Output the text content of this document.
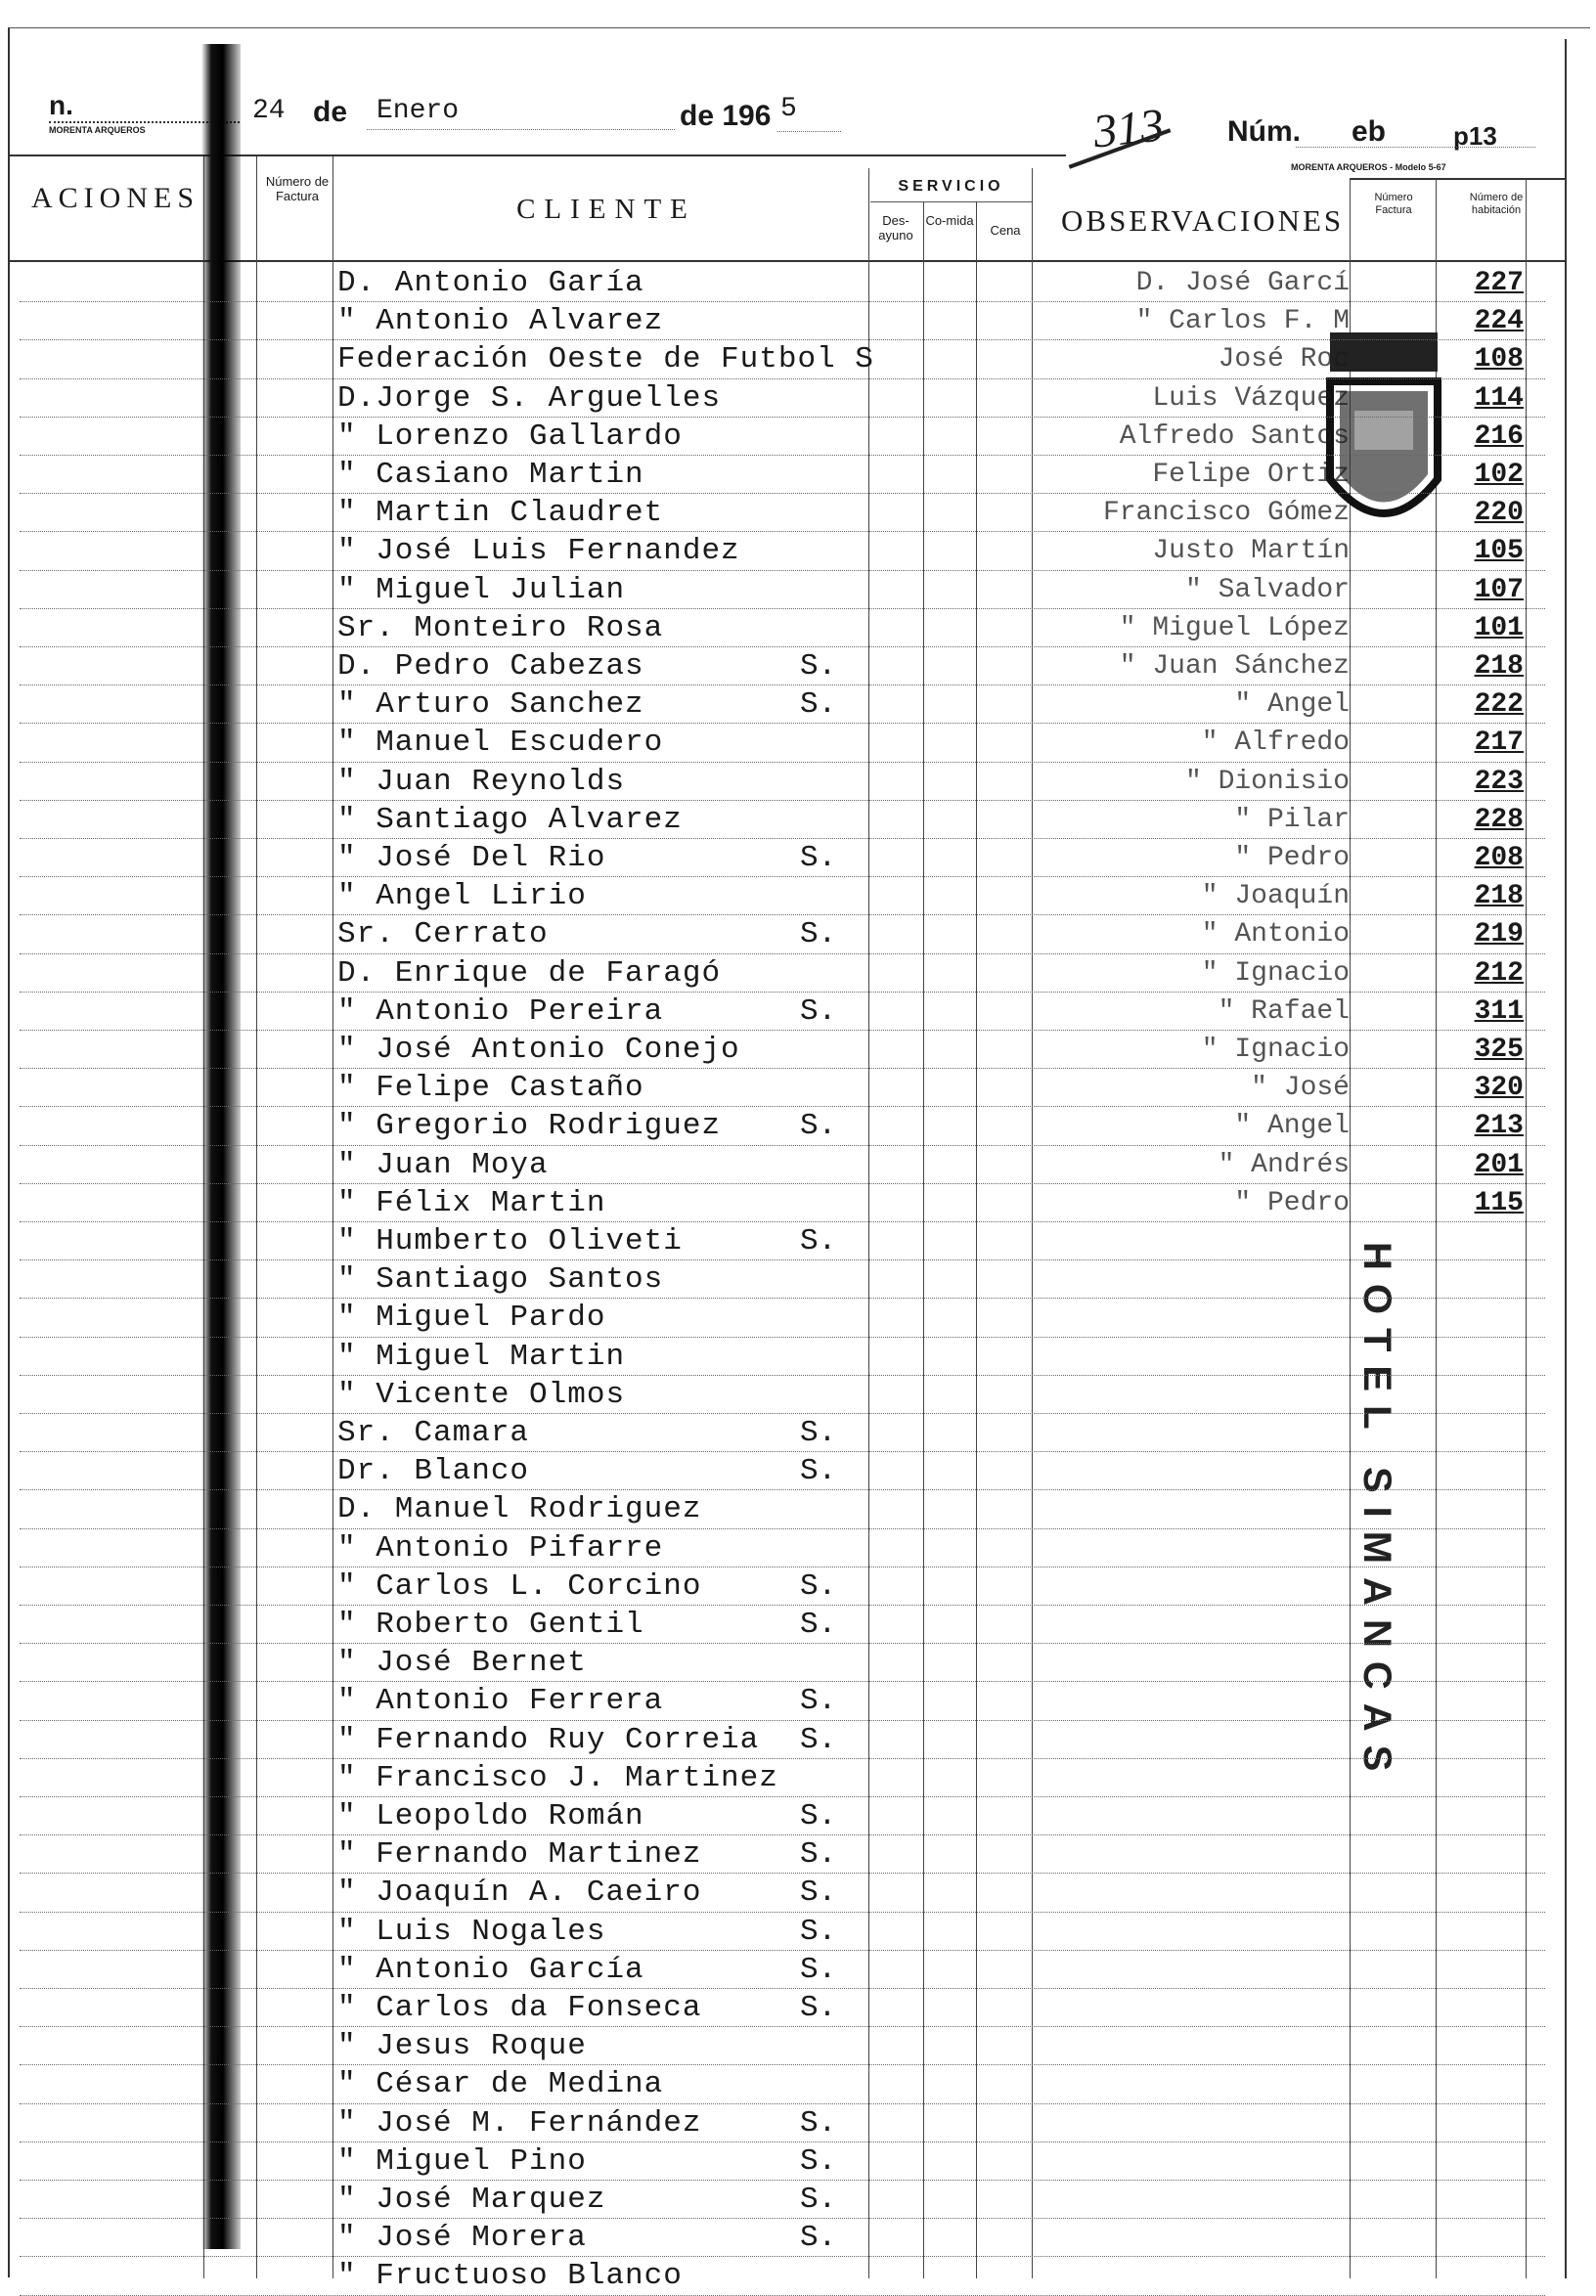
n.
MORENTA ARQUEROS
24 de Enero	de 196 5	313 Núm. eb	p13
MORENTA ARQUEROS - Modelo 5-67
ACIONES
Número de Factura	CLIENTE
SERVICIO
Des-ayuno
Co-mida
Cena	OBSERVACIONES
Número Factura
Número de habitación
HOTEL SIMANCAS
D. Antonio Garía	D. José Garcí	227
" Antonio Alvarez	" Carlos F. M	224
Federación Oeste de Futbol S	José Roc	108
D.Jorge S. Arguelles	Luis Vázquez	114
" Lorenzo Gallardo	Alfredo Santos	216
" Casiano Martin	Felipe Ortiz	102
" Martin Claudret	Francisco Gómez	220
" José Luis Fernandez	Justo Martín	105
" Miguel Julian	" Salvador	107
Sr. Monteiro Rosa	" Miguel López	101
D. Pedro Cabezas	S.	" Juan Sánchez	218
" Arturo Sanchez	S.	" Angel	222
" Manuel Escudero	" Alfredo	217
" Juan Reynolds	" Dionisio	223
" Santiago Alvarez	" Pilar	228
" José Del Rio	S.	" Pedro	208
" Angel Lirio	" Joaquín	218
Sr. Cerrato	S.	" Antonio	219
D. Enrique de Faragó	" Ignacio	212
" Antonio Pereira	S.	" Rafael	311
" José Antonio Conejo	" Ignacio	325
" Felipe Castaño	" José	320
" Gregorio Rodriguez	S.	" Angel	213
" Juan Moya	" Andrés	201
" Félix Martin	" Pedro	115
" Humberto Oliveti	S.
" Santiago Santos
" Miguel Pardo
" Miguel Martin
" Vicente Olmos
Sr. Camara	S.
Dr. Blanco	S.
D. Manuel Rodriguez
" Antonio Pifarre
" Carlos L. Corcino	S.
" Roberto Gentil	S.
" José Bernet
" Antonio Ferrera	S.
" Fernando Ruy Correia S.
" Francisco J. Martinez
" Leopoldo Román	S.
" Fernando Martinez	S.
" Joaquín A. Caeiro	S.
" Luis Nogales	S.
" Antonio García	S.
" Carlos da Fonseca	S.
" Jesus Roque
" César de Medina
" José M. Fernández	S.
" Miguel Pino	S.
" José Marquez	S.
" José Morera	S.
" Fructuoso Blanco
